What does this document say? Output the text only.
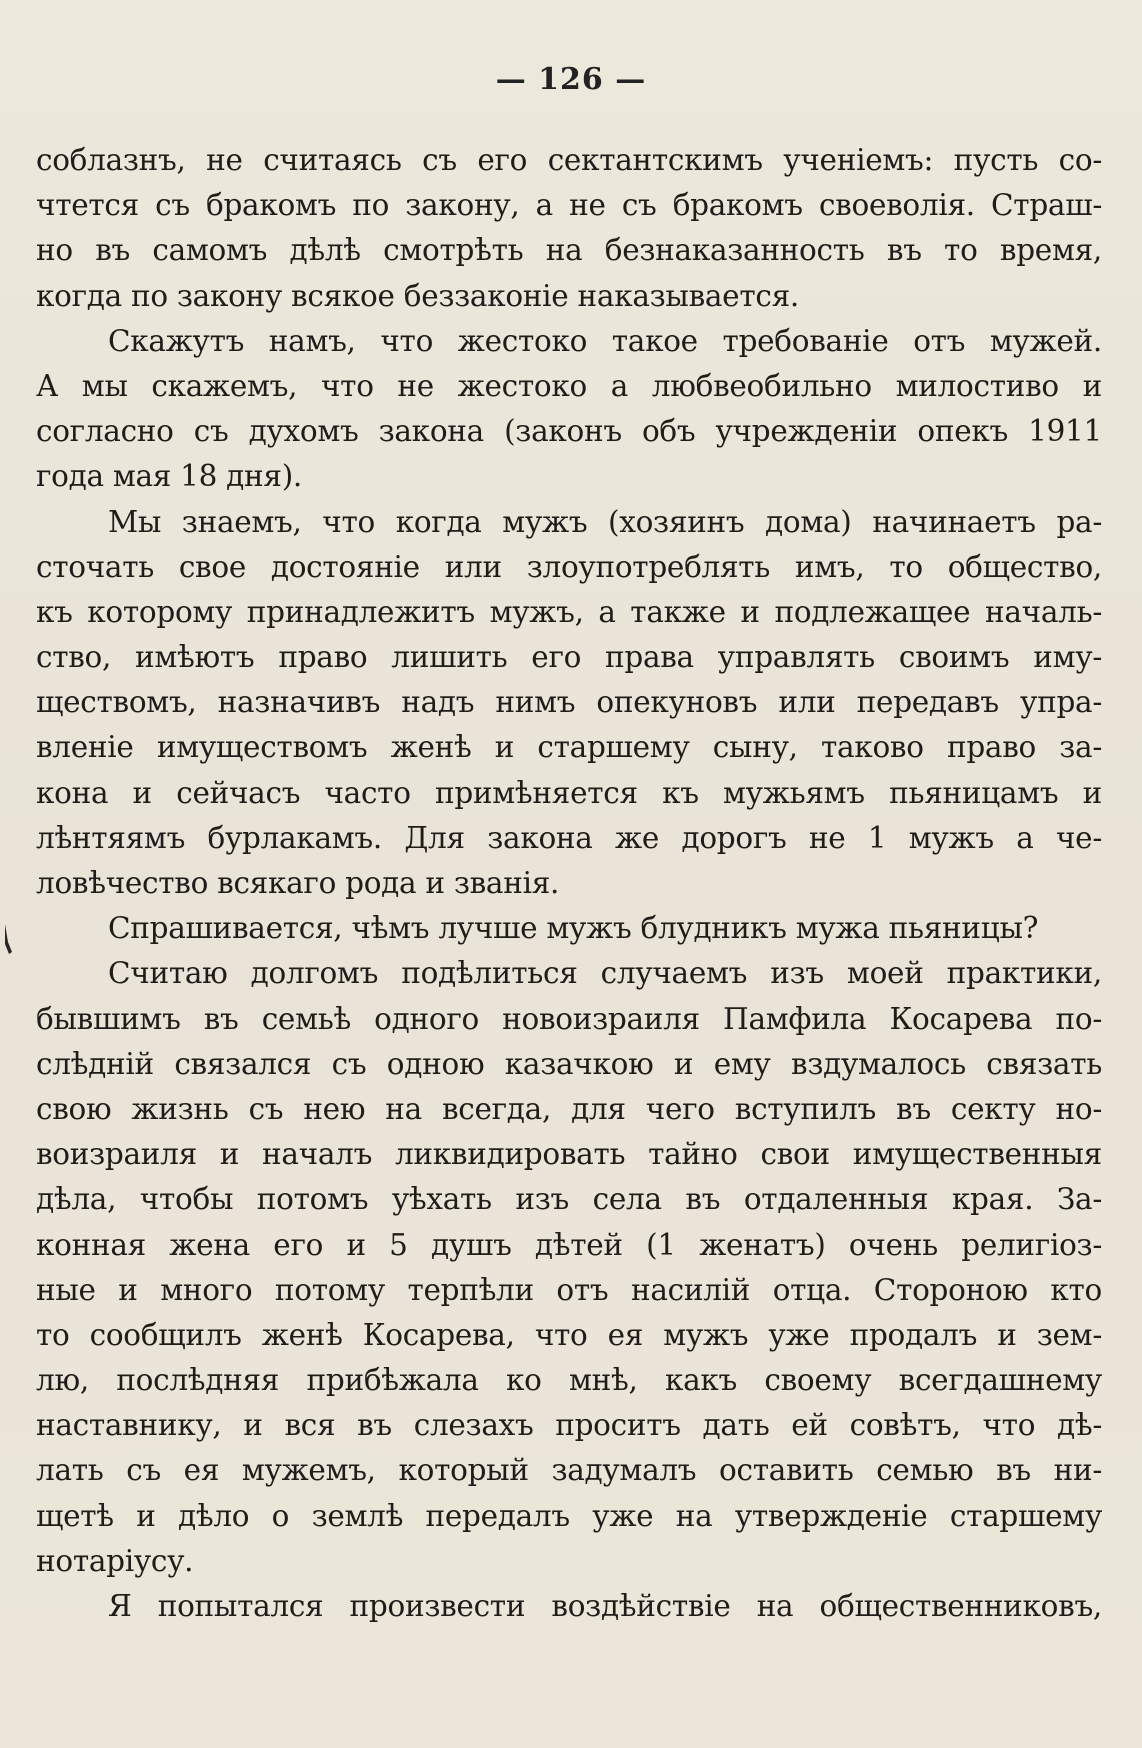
— 126 —
соблазнъ, не считаясь съ его сектантскимъ ученіемъ: пусть со-
чтется съ бракомъ по закону, а не съ бракомъ своеволія. Страш-
но въ самомъ дѣлѣ смотрѣть на безнаказанность въ то время,
когда по закону всякое беззаконіе наказывается.
Скажутъ намъ, что жестоко такое требованіе отъ мужей.
А мы скажемъ, что не жестоко а любвеобильно милостиво и
согласно съ духомъ закона (законъ объ учрежденіи опекъ 1911
года мая 18 дня).
Мы знаемъ, что когда мужъ (хозяинъ дома) начинаетъ ра-
сточать свое достояніе или злоупотреблять имъ, то общество,
къ которому принадлежитъ мужъ, а также и подлежащее началь-
ство, имѣютъ право лишить его права управлять своимъ иму-
ществомъ, назначивъ надъ нимъ опекуновъ или передавъ упра-
вленіе имуществомъ женѣ и старшему сыну, таково право за-
кона и сейчасъ часто примѣняется къ мужьямъ пьяницамъ и
лѣнтяямъ бурлакамъ. Для закона же дорогъ не 1 мужъ а че-
ловѣчество всякаго рода и званія.
Спрашивается, чѣмъ лучше мужъ блудникъ мужа пьяницы?
Считаю долгомъ подѣлиться случаемъ изъ моей практики,
бывшимъ въ семьѣ одного новоизраиля Памфила Косарева по-
слѣдній связался съ одною казачкою и ему вздумалось связать
свою жизнь съ нею на всегда, для чего вступилъ въ секту но-
воизраиля и началъ ликвидировать тайно свои имущественныя
дѣла, чтобы потомъ уѣхать изъ села въ отдаленныя края. За-
конная жена его и 5 душъ дѣтей (1 женатъ) очень религіоз-
ные и много потому терпѣли отъ насилій отца. Стороною кто
то сообщилъ женѣ Косарева, что ея мужъ уже продалъ и зем-
лю, послѣдняя прибѣжала ко мнѣ, какъ своему всегдашнему
наставнику, и вся въ слезахъ проситъ дать ей совѣтъ, что дѣ-
лать съ ея мужемъ, который задумалъ оставить семью въ ни-
щетѣ и дѣло о землѣ передалъ уже на утвержденіе старшему
нотаріусу.
Я попытался произвести воздѣйствіе на общественниковъ,
